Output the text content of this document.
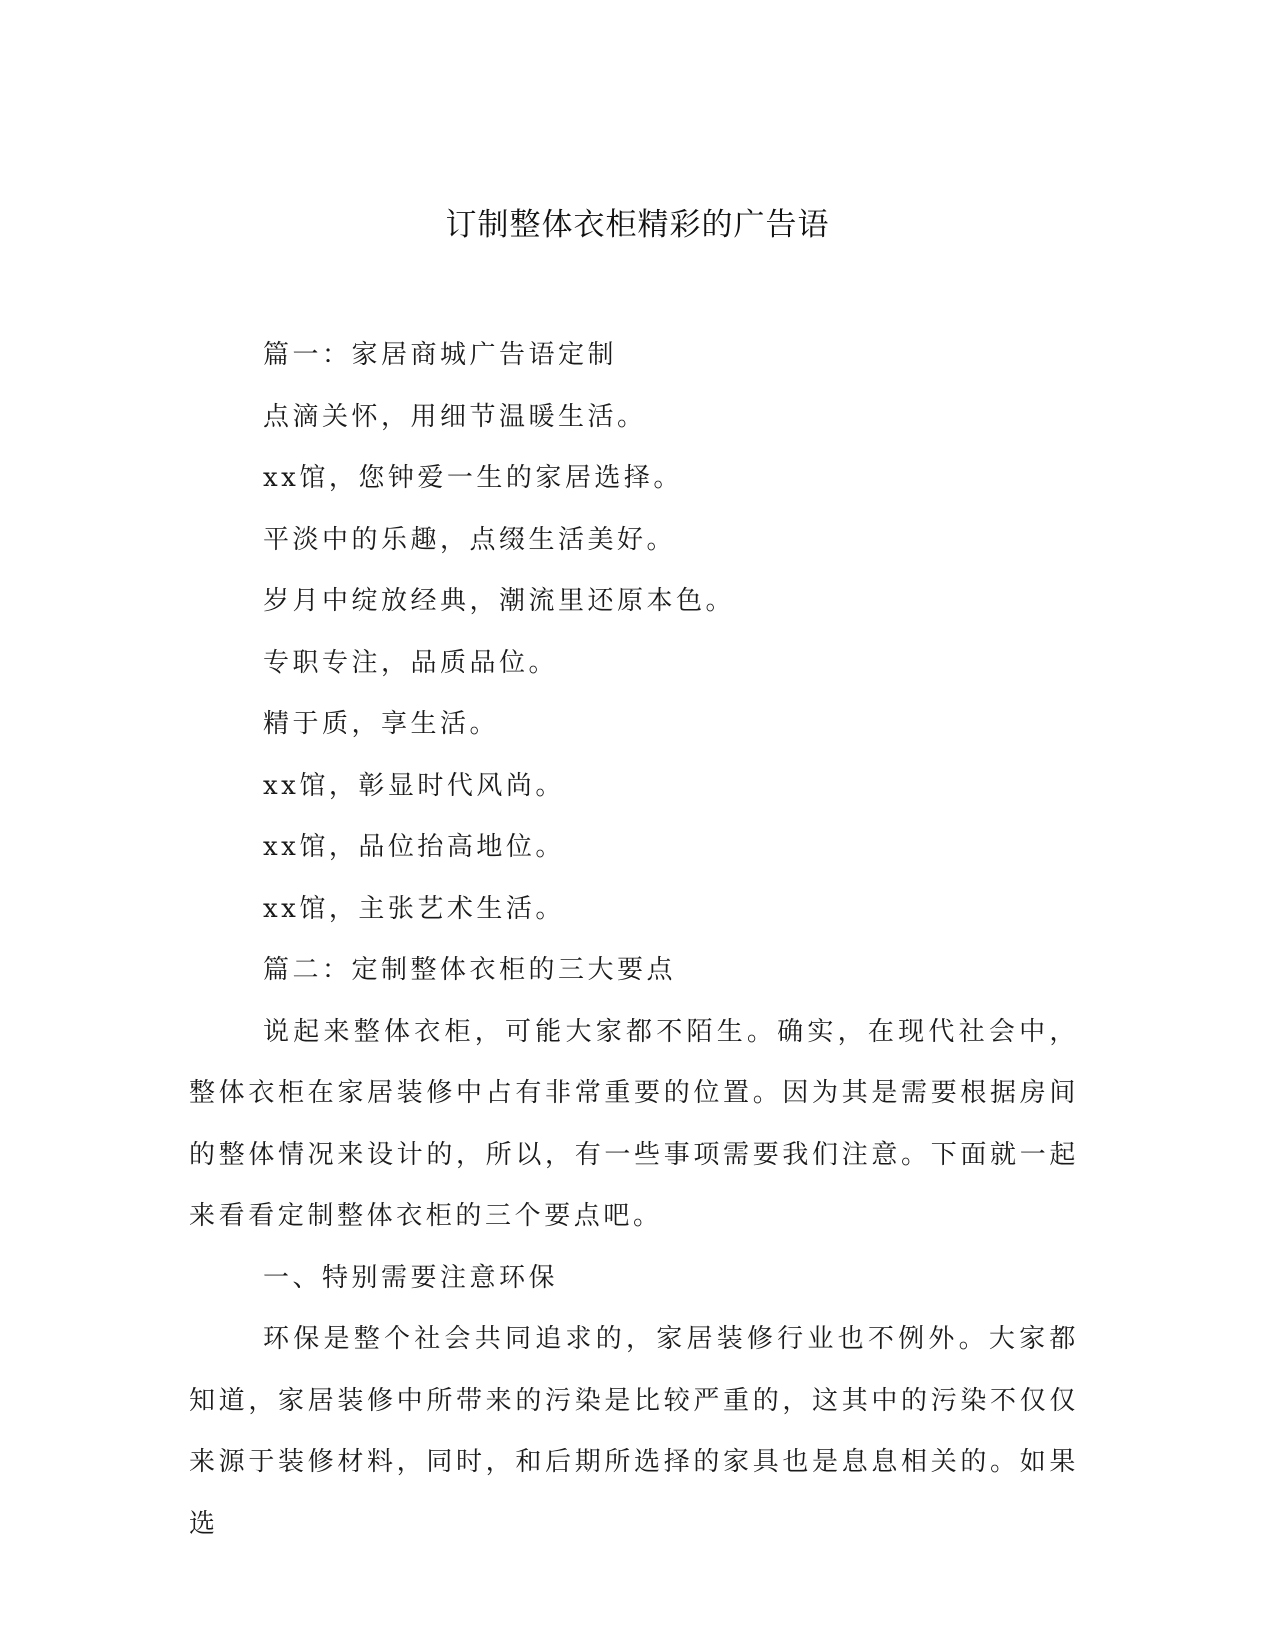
订制整体衣柜精彩的广告语

篇一：家居商城广告语定制

点滴关怀，用细节温暖生活。

xx馆，您钟爱一生的家居选择。

平淡中的乐趣，点缀生活美好。

岁月中绽放经典，潮流里还原本色。

专职专注，品质品位。

精于质，享生活。

xx馆，彰显时代风尚。

xx馆，品位抬高地位。

xx馆，主张艺术生活。

篇二：定制整体衣柜的三大要点

说起来整体衣柜，可能大家都不陌生。确实，在现代社会中，整体衣柜在家居装修中占有非常重要的位置。因为其是需要根据房间的整体情况来设计的，所以，有一些事项需要我们注意。下面就一起来看看定制整体衣柜的三个要点吧。

一、特别需要注意环保

环保是整个社会共同追求的，家居装修行业也不例外。大家都知道，家居装修中所带来的污染是比较严重的，这其中的污染不仅仅来源于装修材料，同时，和后期所选择的家具也是息息相关的。如果选
